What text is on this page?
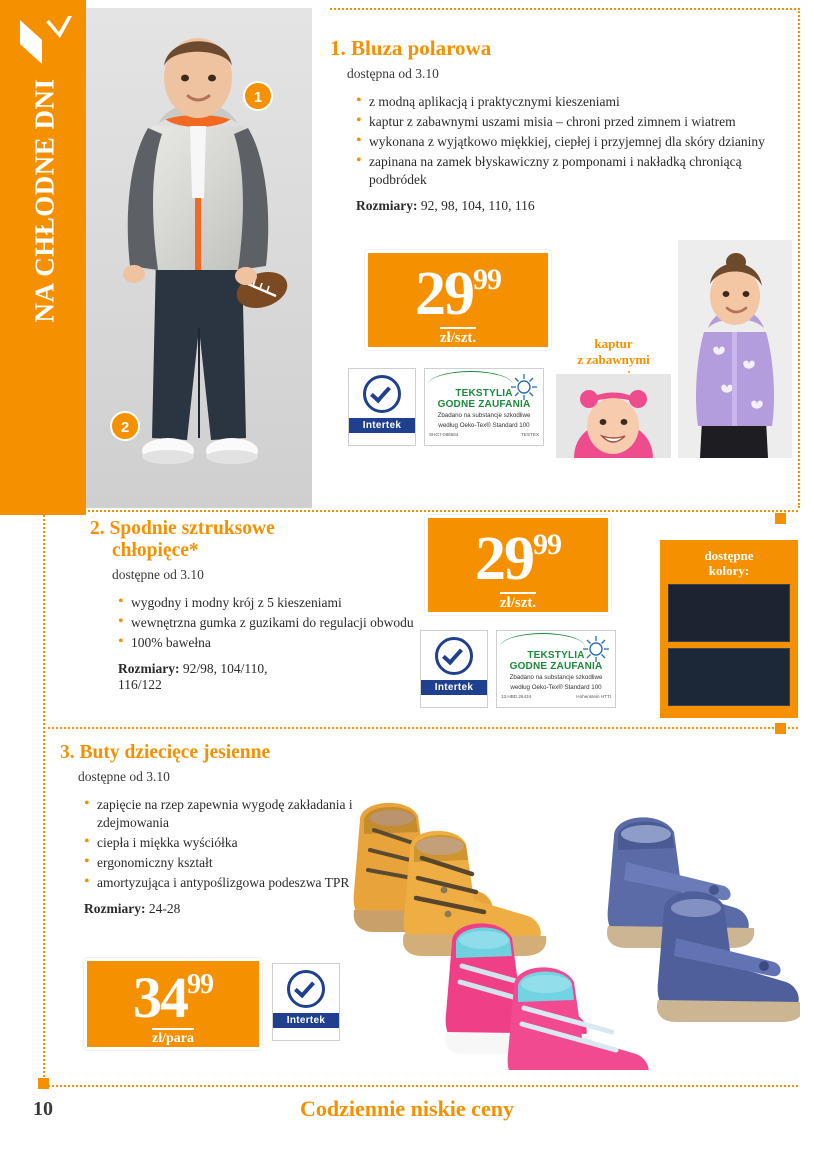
NA CHŁODNE DNI	1
2
1. Bluza polarowa
dostępna od 3.10
• z modną aplikacją i praktycznymi kieszeniami
• kaptur z zabawnymi uszami misia – chroni przed zimnem i wiatrem
• wykonana z wyjątkowo miękkiej, ciepłej i przyjemnej dla skóry dzianiny
• zapinana na zamek błyskawiczny z pomponami i nakładką chroniącą podbródek
Rozmiary: 92, 98, 104, 110, 116
2999
zł/szt.
Intertek
TEKSTYLIA
GODNE ZAUFANIA
Zbadano na substancje szkodliwe
według Oeko-Tex® Standard 100
SHG7-086554	TESTEX
kaptur
z zabawnymi
2. Spodnie sztruksowe
chłopięce*
dostępne od 3.10
• wygodny i modny krój z 5 kieszeniami
• wewnętrzna gumka z guzikami do regulacji obwodu
• 100% bawełna
Rozmiary: 92/98, 104/110,
116/122
2999
zł/szt.
Intertek
TEKSTYLIA
GODNE ZAUFANIA
Zbadano na substancje szkodliwe
według Oeko-Tex® Standard 100
13.HBD.26434	Hohenstein HTTI
dostępne
kolory:
3. Buty dziecięce jesienne
dostępne od 3.10
• zapięcie na rzep zapewnia wygodę zakładania i zdejmowania
• ciepła i miękka wyściółka
• ergonomiczny kształt
• amortyzująca i antypoślizgowa podeszwa TPR
Rozmiary: 24-28
3499
zł/para
Intertek
10	Codziennie niskie ceny
